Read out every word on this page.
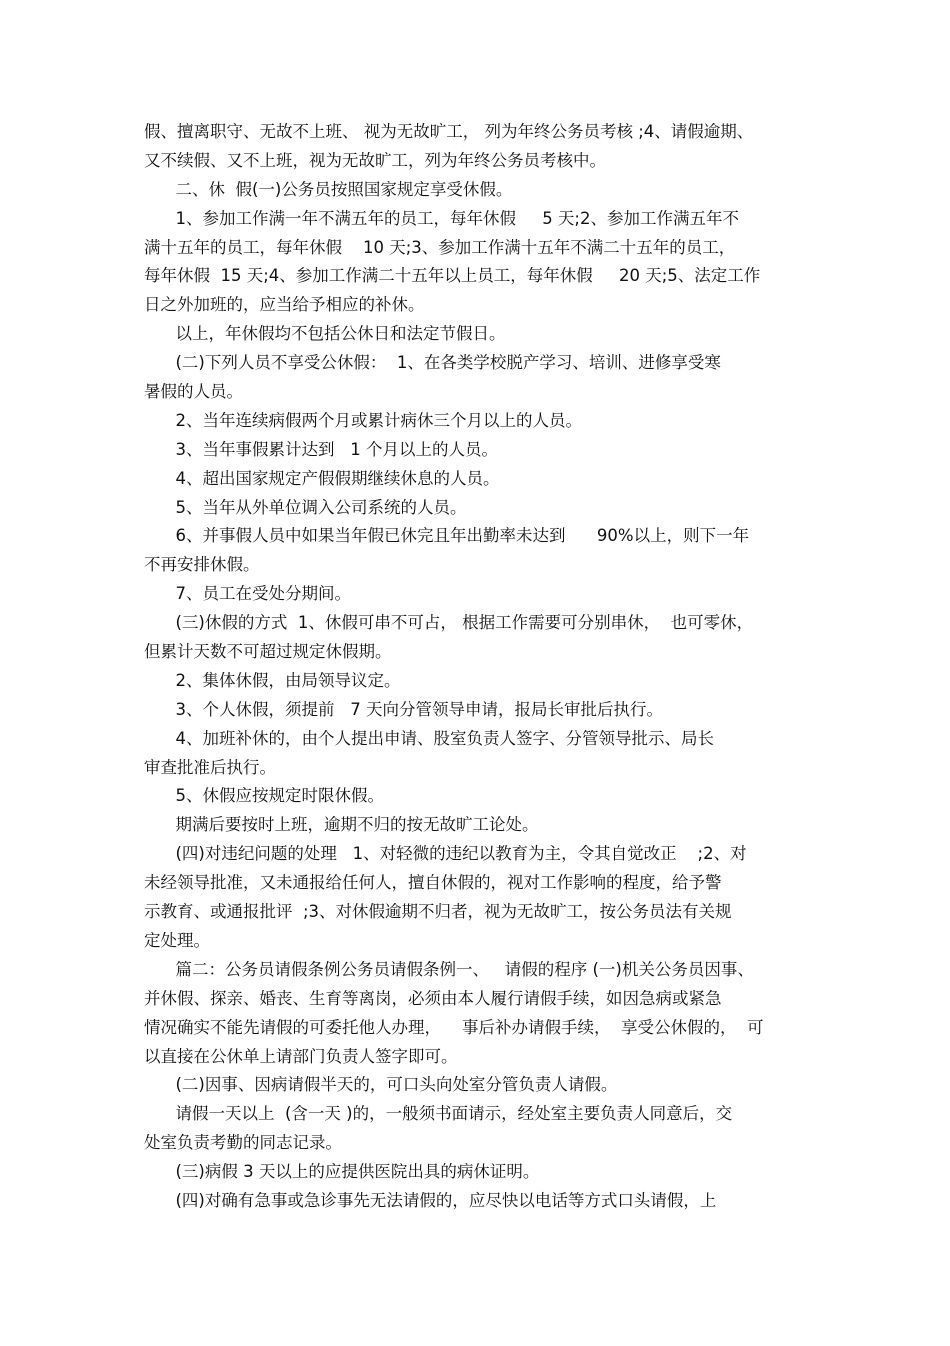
假、擅离职守、无故不上班、 视为无故旷工， 列为年终公务员考核 ;4、请假逾期、
又不续假、又不上班，视为无故旷工，列为年终公务员考核中。
二、休  假(一)公务员按照国家规定享受休假。
1、参加工作满一年不满五年的员工，每年休假     5 天;2、参加工作满五年不
满十五年的员工，每年休假    10 天;3、参加工作满十五年不满二十五年的员工，
每年休假  15 天;4、参加工作满二十五年以上员工，每年休假     20 天;5、法定工作
日之外加班的，应当给予相应的补休。
以上，年休假均不包括公休日和法定节假日。
(二)下列人员不享受公休假：  1、在各类学校脱产学习、培训、进修享受寒
暑假的人员。
2、当年连续病假两个月或累计病休三个月以上的人员。
3、当年事假累计达到   1 个月以上的人员。
4、超出国家规定产假假期继续休息的人员。
5、当年从外单位调入公司系统的人员。
6、并事假人员中如果当年假已休完且年出勤率未达到      90%以上，则下一年
不再安排休假。
7、员工在受处分期间。
(三)休假的方式  1、休假可串不可占， 根据工作需要可分别串休，  也可零休，
但累计天数不可超过规定休假期。
2、集体休假，由局领导议定。
3、个人休假，须提前   7 天向分管领导申请，报局长审批后执行。
4、加班补休的，由个人提出申请、股室负责人签字、分管领导批示、局长
审查批准后执行。
5、休假应按规定时限休假。
期满后要按时上班，逾期不归的按无故旷工论处。
(四)对违纪问题的处理   1、对轻微的违纪以教育为主，令其自觉改正    ;2、对
未经领导批准，又未通报给任何人，擅自休假的，视对工作影响的程度，给予警
示教育、或通报批评  ;3、对休假逾期不归者，视为无故旷工，按公务员法有关规
定处理。
篇二：公务员请假条例公务员请假条例一、   请假的程序 (一)机关公务员因事、
并休假、探亲、婚丧、生育等离岗，必须由本人履行请假手续，如因急病或紧急
情况确实不能先请假的可委托他人办理，    事后补办请假手续，  享受公休假的，  可
以直接在公休单上请部门负责人签字即可。
(二)因事、因病请假半天的，可口头向处室分管负责人请假。
请假一天以上  (含一天 )的，一般须书面请示，经处室主要负责人同意后，交
处室负责考勤的同志记录。
(三)病假 3 天以上的应提供医院出具的病休证明。
(四)对确有急事或急诊事先无法请假的，应尽快以电话等方式口头请假，上
